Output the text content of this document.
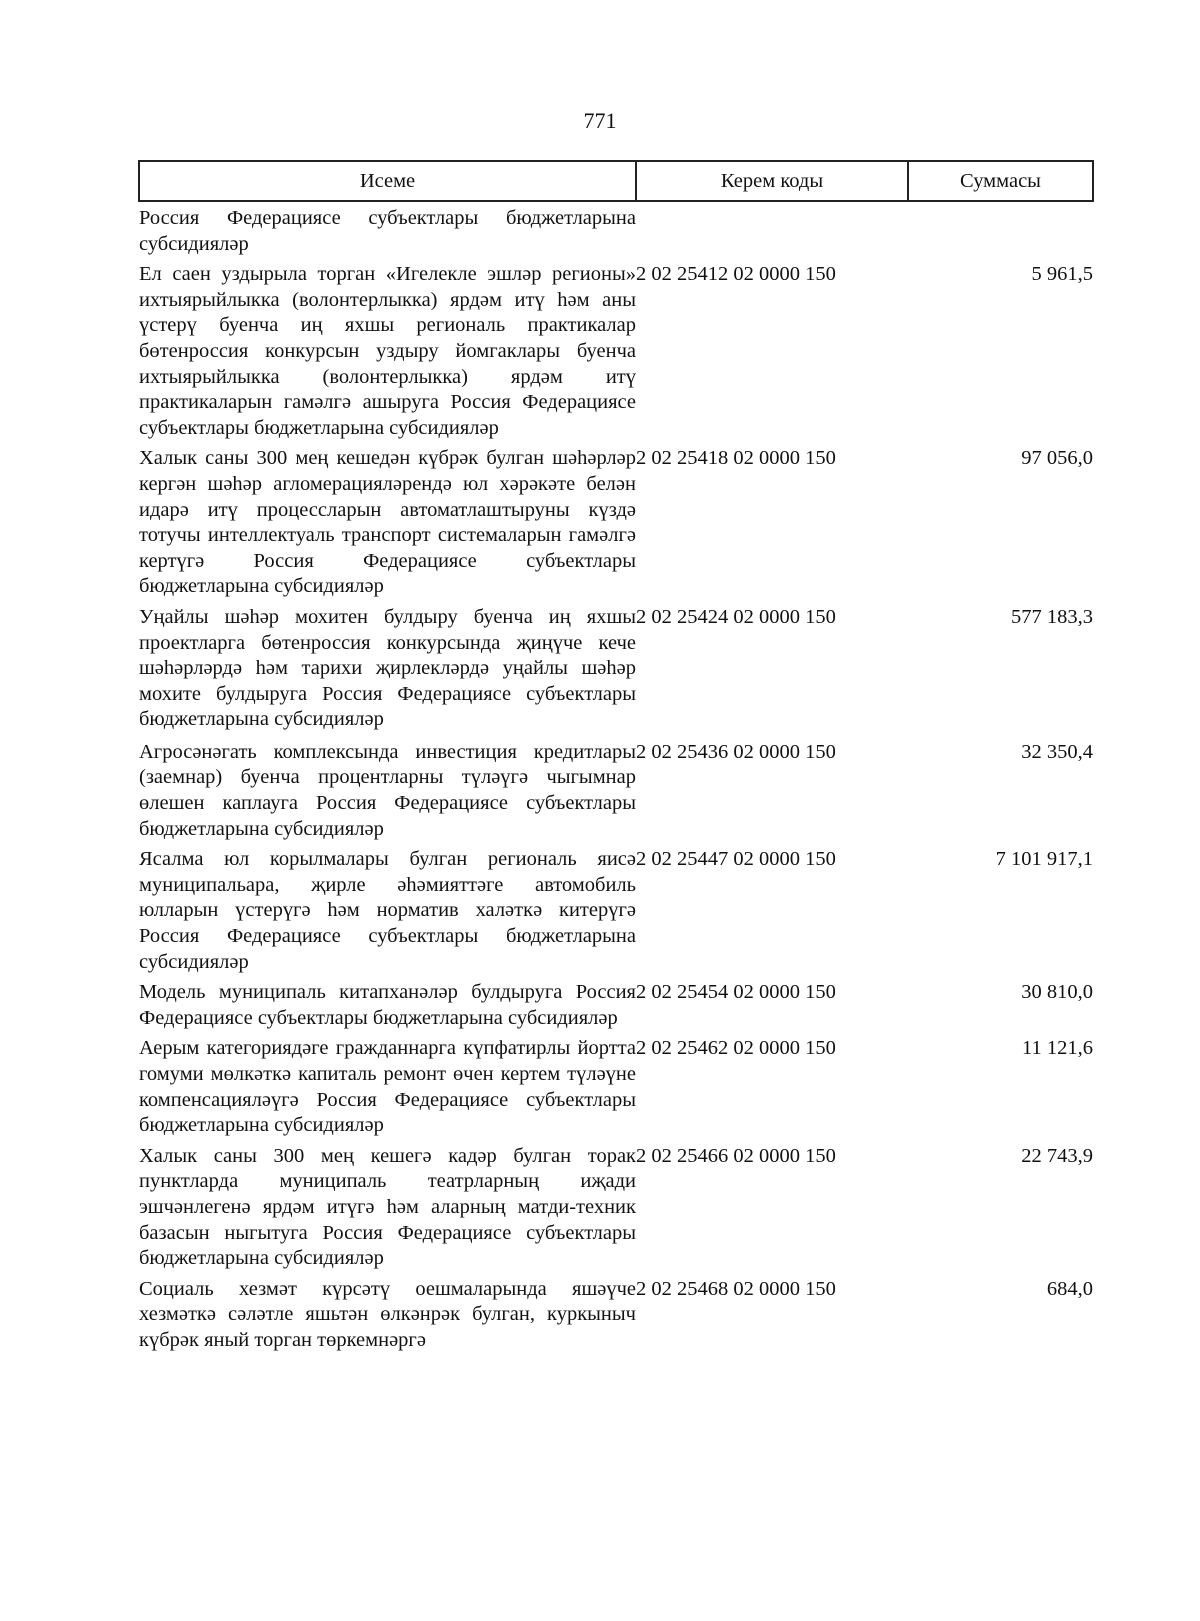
771
Исеме	Керем коды	Суммасы
Россия Федерациясе субъектлары бюджетларына субсидияләр		
Ел саен уздырыла торган «Игелекле эшләр регионы» ихтыярыйлыкка (волонтерлыкка) ярдәм итү һәм аны үстерү буенча иң яхшы региональ практикалар бөтенроссия конкурсын уздыру йомгаклары буенча ихтыярыйлыкка (волонтерлыкка) ярдәм итү практикаларын гамәлгә ашыруга Россия Федерациясе субъектлары бюджетларына субсидияләр	2 02 25412 02 0000 150	5 961,5
Халык саны 300 мең кешедән күбрәк булган шәһәрләр кергән шәһәр агломерацияләрендә юл хәрәкәте белән идарә итү процессларын автоматлаштыруны күздә тотучы интеллектуаль транспорт системаларын гамәлгә кертүгә Россия Федерациясе субъектлары бюджетларына субсидияләр	2 02 25418 02 0000 150	97 056,0
Уңайлы шәһәр мохитен булдыру буенча иң яхшы проектларга бөтенроссия конкурсында җиңүче кече шәһәрләрдә һәм тарихи җирлекләрдә уңайлы шәһәр мохите булдыруга Россия Федерациясе субъектлары бюджетларына субсидияләр	2 02 25424 02 0000 150	577 183,3
Агросәнәгать комплексында инвестиция кредитлары (заемнар) буенча процентларны түләүгә чыгымнар өлешен каплауга Россия Федерациясе субъектлары бюджетларына субсидияләр	2 02 25436 02 0000 150	32 350,4
Ясалма юл корылмалары булган региональ яисә муниципальара, җирле әһәмияттәге автомобиль юлларын үстерүгә һәм норматив халәткә китерүгә Россия Федерациясе субъектлары бюджетларына субсидияләр	2 02 25447 02 0000 150	7 101 917,1
Модель муниципаль китапханәләр булдыруга Россия Федерациясе субъектлары бюджетларына субсидияләр	2 02 25454 02 0000 150	30 810,0
Аерым категориядәге гражданнарга күпфатирлы йортта гомуми мөлкәткә капиталь ремонт өчен кертем түләүне компенсацияләүгә Россия Федерациясе субъектлары бюджетларына субсидияләр	2 02 25462 02 0000 150	11 121,6
Халык саны 300 мең кешегә кадәр булган торак пунктларда муниципаль театрларның иҗади эшчәнлегенә ярдәм итүгә һәм аларның матди-техник базасын ныгытуга Россия Федерациясе субъектлары бюджетларына субсидияләр	2 02 25466 02 0000 150	22 743,9
Социаль хезмәт күрсәтү оешмаларында яшәүче хезмәткә сәләтле яшьтән өлкәнрәк булган, куркыныч күбрәк яный торган төркемнәргә	2 02 25468 02 0000 150	684,0
